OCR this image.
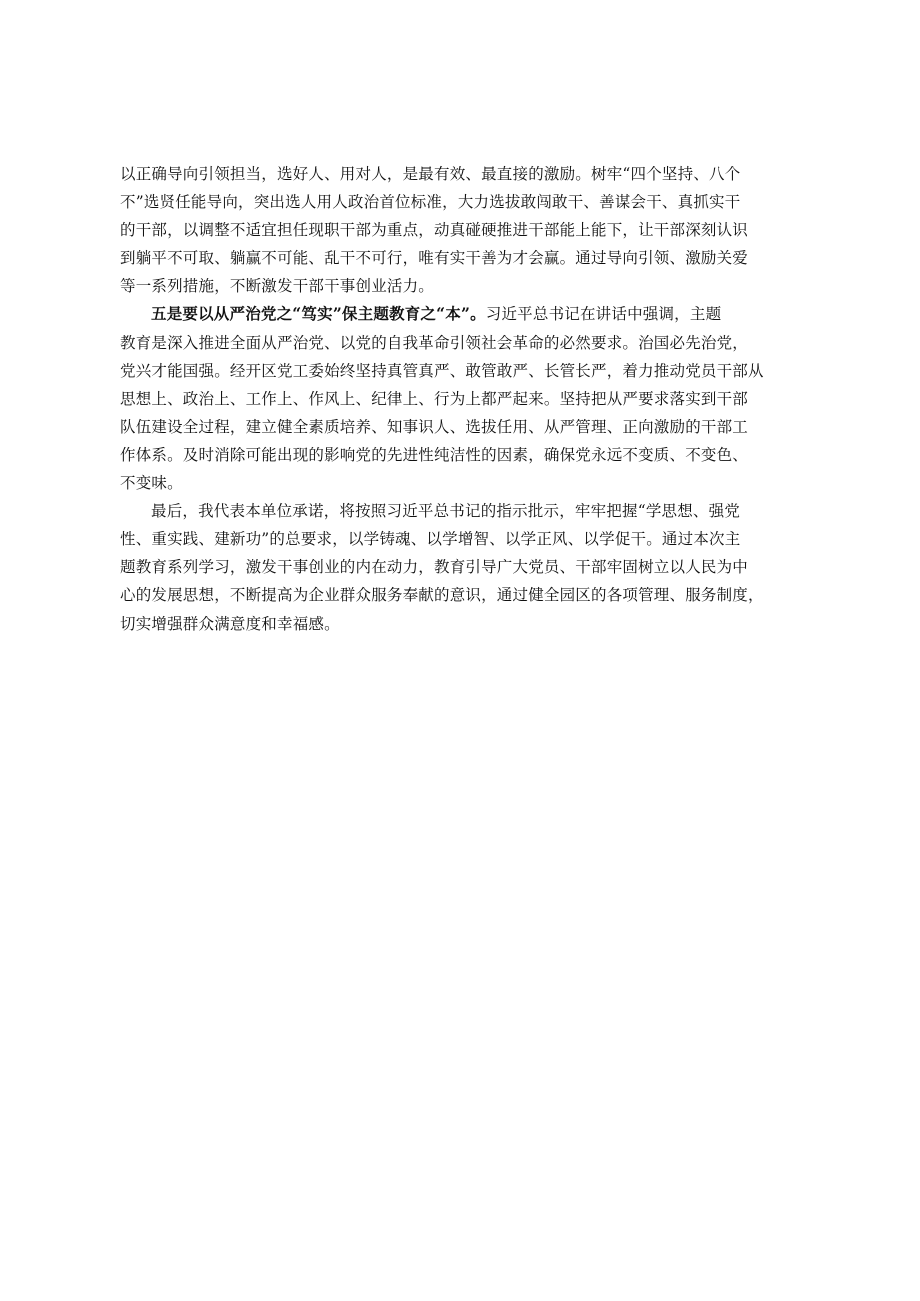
以正确导向引领担当，选好人、用对人，是最有效、最直接的激励。树牢“四个坚持、八个
不”选贤任能导向，突出选人用人政治首位标准，大力选拔敢闯敢干、善谋会干、真抓实干
的干部，以调整不适宜担任现职干部为重点，动真碰硬推进干部能上能下，让干部深刻认识
到躺平不可取、躺赢不可能、乱干不可行，唯有实干善为才会赢。通过导向引领、激励关爱
等一系列措施，不断激发干部干事创业活力。
五是要以从严治党之“笃实”保主题教育之“本”。习近平总书记在讲话中强调，主题
教育是深入推进全面从严治党、以党的自我革命引领社会革命的必然要求。治国必先治党，
党兴才能国强。经开区党工委始终坚持真管真严、敢管敢严、长管长严，着力推动党员干部从
思想上、政治上、工作上、作风上、纪律上、行为上都严起来。坚持把从严要求落实到干部
队伍建设全过程，建立健全素质培养、知事识人、选拔任用、从严管理、正向激励的干部工
作体系。及时消除可能出现的影响党的先进性纯洁性的因素，确保党永远不变质、不变色、
不变味。
最后，我代表本单位承诺，将按照习近平总书记的指示批示，牢牢把握“学思想、强党
性、重实践、建新功”的总要求，以学铸魂、以学增智、以学正风、以学促干。通过本次主
题教育系列学习，激发干事创业的内在动力，教育引导广大党员、干部牢固树立以人民为中
心的发展思想，不断提高为企业群众服务奉献的意识，通过健全园区的各项管理、服务制度，
切实增强群众满意度和幸福感。
